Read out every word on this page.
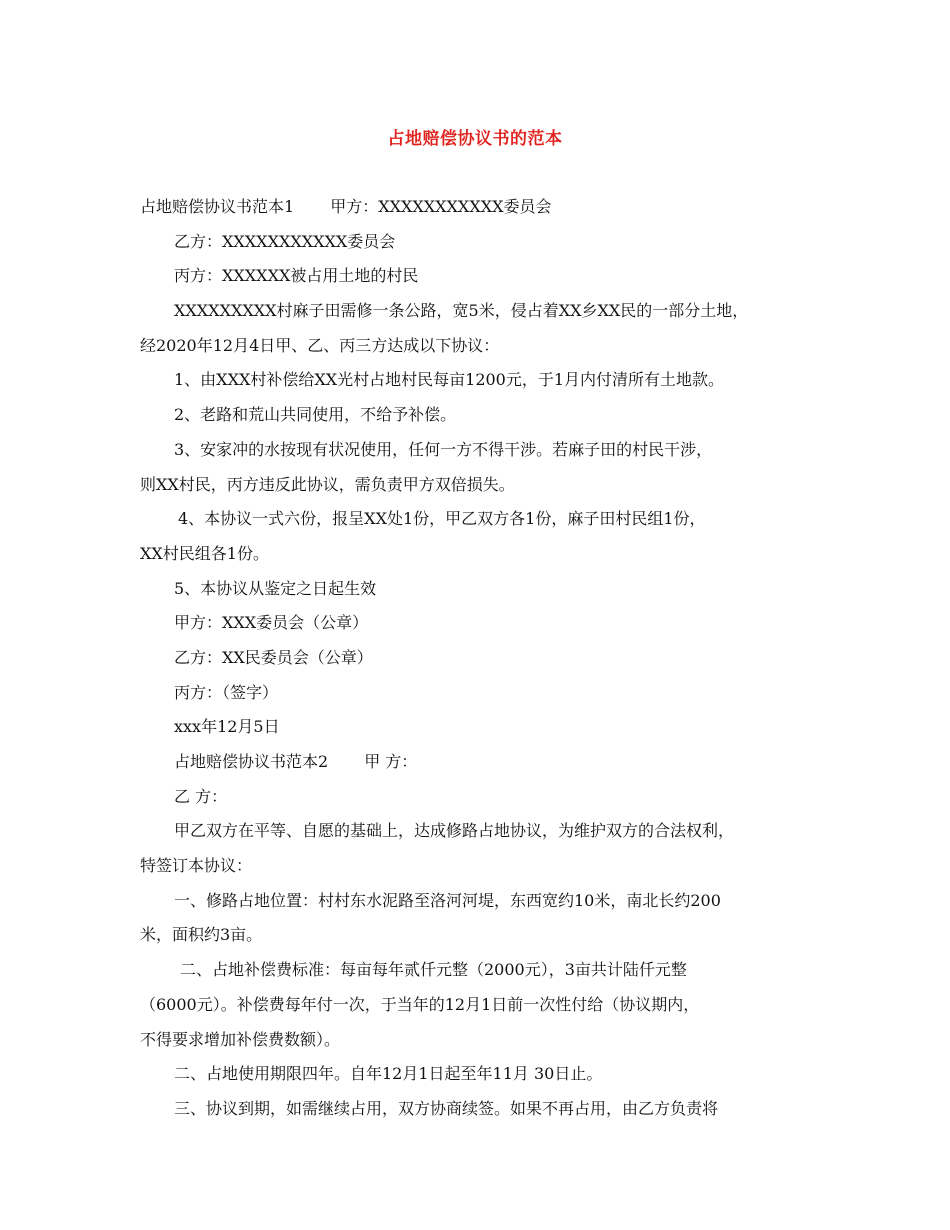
占地赔偿协议书的范本
占地赔偿协议书范本1 甲方：XXXXXXXXXXX委员会
乙方：XXXXXXXXXXX委员会
丙方：XXXXXX被占用土地的村民
XXXXXXXXX村麻子田需修一条公路，宽5米，侵占着XX乡XX民的一部分土地，
经2020年12月4日甲、乙、丙三方达成以下协议：
1、由XXX村补偿给XX光村占地村民每亩1200元，于1月内付清所有土地款。
2、老路和荒山共同使用，不给予补偿。
3、安家冲的水按现有状况使用，任何一方不得干涉。若麻子田的村民干涉，
则XX村民，丙方违反此协议，需负责甲方双倍损失。
4、本协议一式六份，报呈XX处1份，甲乙双方各1份，麻子田村民组1份，
XX村民组各1份。
5、本协议从鉴定之日起生效
甲方：XXX委员会（公章）
乙方：XX民委员会（公章）
丙方：（签字）
xxx年12月5日
占地赔偿协议书范本2 甲 方：
乙 方：
甲乙双方在平等、自愿的基础上，达成修路占地协议，为维护双方的合法权利，
特签订本协议：
一、修路占地位置：村村东水泥路至洛河河堤，东西宽约10米，南北长约200
米，面积约3亩。
二、占地补偿费标准：每亩每年贰仟元整（2000元），3亩共计陆仟元整
（6000元）。补偿费每年付一次，于当年的12月1日前一次性付给（协议期内，
不得要求增加补偿费数额）。
二、占地使用期限四年。自年12月1日起至年11月 30日止。
三、协议到期，如需继续占用，双方协商续签。如果不再占用，由乙方负责将
